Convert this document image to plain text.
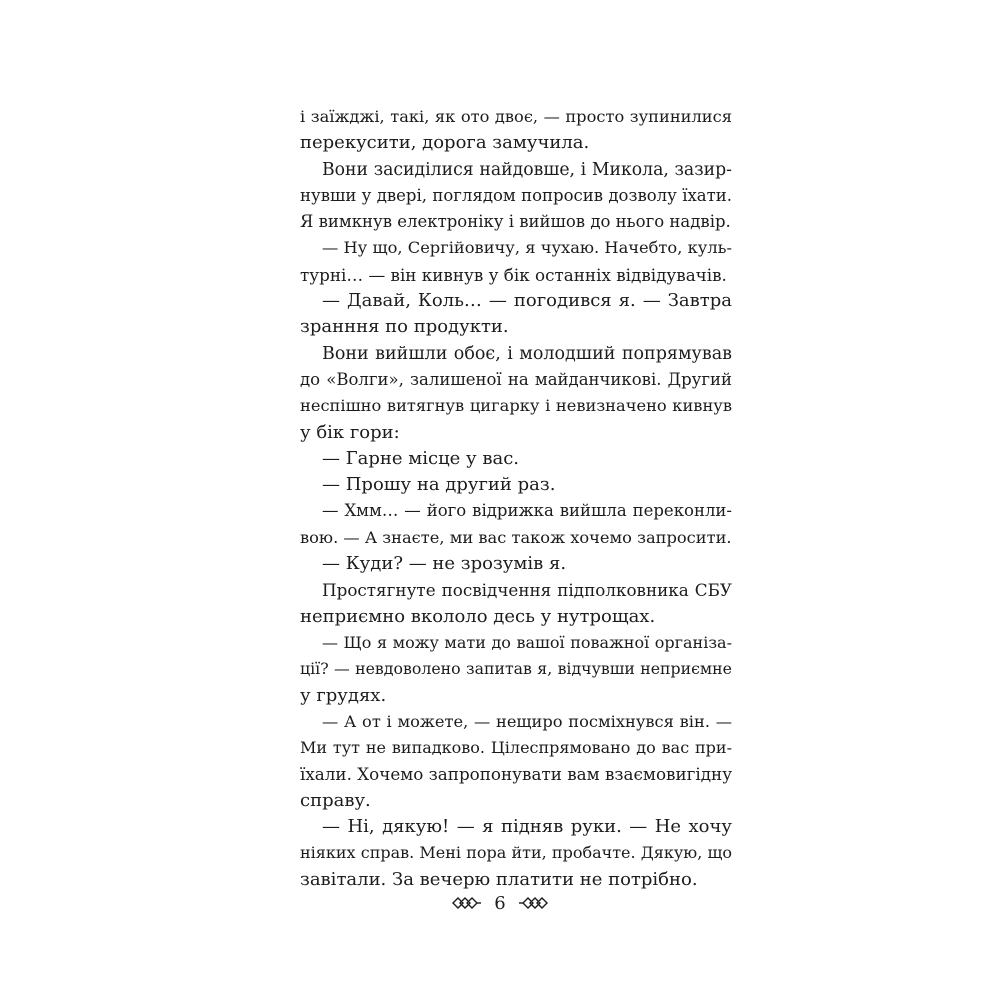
і заїжджі, такі, як ото двоє, — просто зупинилися
перекусити, дорога замучила.
Вони засиділися найдовше, і Микола, зазир-
нувши у двері, поглядом попросив дозволу їхати.
Я вимкнув електроніку і вийшов до нього надвір.
— Ну що, Сергійовичу, я чухаю. Начебто, куль-
турні… — він кивнув у бік останніх відвідувачів.
— Давай, Коль… — погодився я. — Завтра
зранння по продукти.
Вони вийшли обоє, і молодший попрямував
до «Волги», залишеної на майданчикові. Другий
неспішно витягнув цигарку і невизначено кивнув
у бік гори:
— Гарне місце у вас.
— Прошу на другий раз.
— Хмм… — його відрижка вийшла переконли-
вою. — А знаєте, ми вас також хочемо запросити.
— Куди? — не зрозумів я.
Простягнуте посвідчення підполковника СБУ
неприємно вкололо десь у нутрощах.
— Що я можу мати до вашої поважної організа-
ції? — невдоволено запитав я, відчувши неприємне
у грудях.
— А от і можете, — нещиро посміхнувся він. —
Ми тут не випадково. Цілеспрямовано до вас при-
їхали. Хочемо запропонувати вам взаємовигідну
справу.
— Ні, дякую! — я підняв руки. — Не хочу
ніяких справ. Мені пора йти, пробачте. Дякую, що
завітали. За вечерю платити не потрібно.
6
